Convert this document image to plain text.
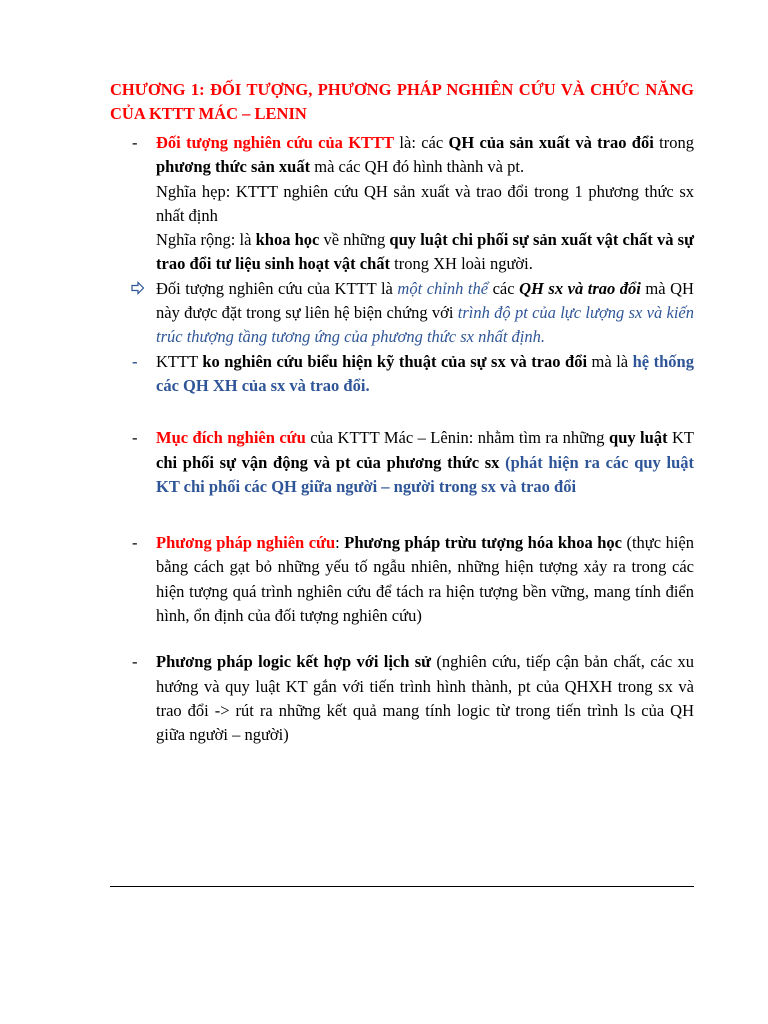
CHƯƠNG 1: ĐỐI TƯỢNG, PHƯƠNG PHÁP NGHIÊN CỨU VÀ CHỨC NĂNG CỦA KTTT MÁC – LENIN
-	Đối tượng nghiên cứu của KTTT là: các QH của sản xuất và trao đổi trong phương thức sản xuất mà các QH đó hình thành và pt.
Nghĩa hẹp: KTTT nghiên cứu QH sản xuất và trao đổi trong 1 phương thức sx nhất định
Nghĩa rộng: là khoa học về những quy luật chi phối sự sản xuất vật chất và sự trao đổi tư liệu sinh hoạt vật chất trong XH loài người.
Đối tượng nghiên cứu của KTTT là một chỉnh thể các QH sx và trao đổi mà QH này được đặt trong sự liên hệ biện chứng với trình độ pt của lực lượng sx và kiến trúc thượng tầng tương ứng của phương thức sx nhất định.
-	KTTT ko nghiên cứu biểu hiện kỹ thuật của sự sx và trao đổi mà là hệ thống các QH XH của sx và trao đổi.
-	Mục đích nghiên cứu của KTTT Mác – Lênin: nhằm tìm ra những quy luật KT chi phối sự vận động và pt của phương thức sx (phát hiện ra các quy luật KT chi phối các QH giữa người – người trong sx và trao đổi
-	Phương pháp nghiên cứu: Phương pháp trừu tượng hóa khoa học (thực hiện bằng cách gạt bỏ những yếu tố ngẫu nhiên, những hiện tượng xảy ra trong các hiện tượng quá trình nghiên cứu để tách ra hiện tượng bền vững, mang tính điển hình, ổn định của đối tượng nghiên cứu)
-	Phương pháp logic kết hợp với lịch sử (nghiên cứu, tiếp cận bản chất, các xu hướng và quy luật KT gắn với tiến trình hình thành, pt của QHXH trong sx và trao đổi -> rút ra những kết quả mang tính logic từ trong tiến trình ls của QH giữa người – người)
